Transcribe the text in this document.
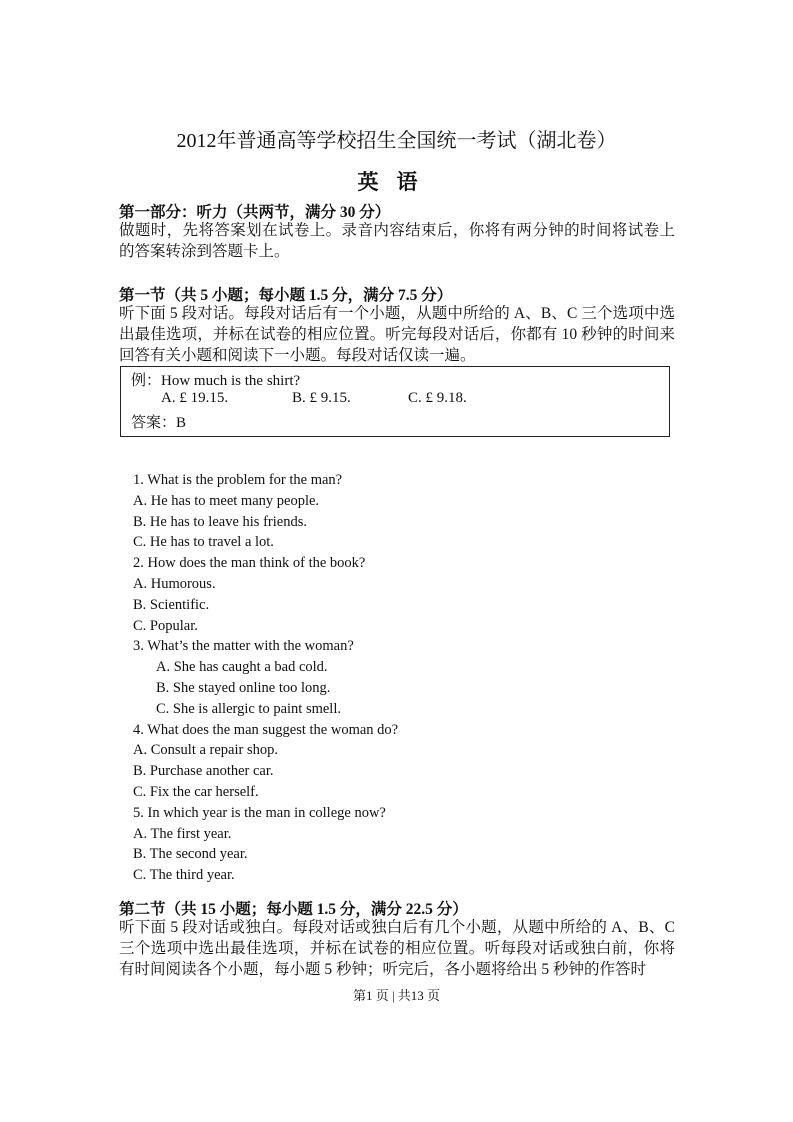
2012年普通高等学校招生全国统一考试（湖北卷）
英语
第一部分：听力（共两节，满分 30 分）
做题时，先将答案划在试卷上。录音内容结束后，你将有两分钟的时间将试卷上的答案转涂到答题卡上。
第一节（共 5 小题；每小题 1.5 分，满分 7.5 分）
听下面 5 段对话。每段对话后有一个小题，从题中所给的 A、B、C 三个选项中选出最佳选项，并标在试卷的相应位置。听完每段对话后，你都有 10 秒钟的时间来回答有关小题和阅读下一小题。每段对话仅读一遍。
例：How much is the shirt?
A. £ 19.15.	B. £ 9.15.	C. £ 9.18.
答案：B
1. What is the problem for the man?
A. He has to meet many people.
B. He has to leave his friends.
C. He has to travel a lot.
2. How does the man think of the book?
A. Humorous.
B. Scientific.
C. Popular.
3. What’s the matter with the woman?
A. She has caught a bad cold.
B. She stayed online too long.
C. She is allergic to paint smell.
4. What does the man suggest the woman do?
A. Consult a repair shop.
B. Purchase another car.
C. Fix the car herself.
5. In which year is the man in college now?
A. The first year.
B. The second year.
C. The third year.
第二节（共 15 小题；每小题 1.5 分，满分 22.5 分）
听下面 5 段对话或独白。每段对话或独白后有几个小题，从题中所给的 A、B、C 三个选项中选出最佳选项，并标在试卷的相应位置。听每段对话或独白前，你将有时间阅读各个小题，每小题 5 秒钟；听完后，各小题将给出 5 秒钟的作答时
第1 页 | 共13 页
